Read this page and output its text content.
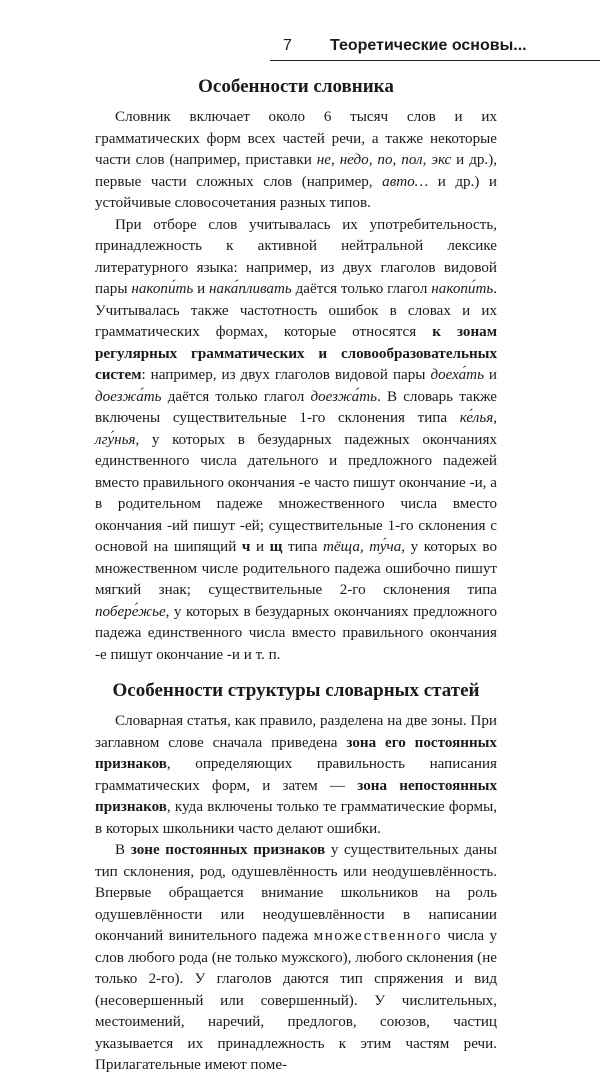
7 Теоретические основы...
Особенности словника

Словник включает около 6 тысяч слов и их грамматических форм всех частей речи, а также некоторые части слов (например, приставки не, недо, по, пол, экс и др.), первые части сложных слов (например, авто… и др.) и устойчивые словосочетания разных типов.

При отборе слов учитывалась их употребительность, принадлежность к активной нейтральной лексике литературного языка: например, из двух глаголов видовой пары накопи́ть и нака́пливать даётся только глагол накопи́ть. Учитывалась также частотность ошибок в словах и их грамматических формах, которые относятся к зонам регулярных грамматических и словообразовательных систем: например, из двух глаголов видовой пары доеха́ть и доезжа́ть даётся только глагол доезжа́ть. В словарь также включены существительные 1-го склонения типа ке́лья, лгу́нья, у которых в безударных падежных окончаниях единственного числа дательного и предложного падежей вместо правильного окончания -е часто пишут окончание -и, а в родительном падеже множественного числа вместо окончания -ий пишут -ей; существительные 1-го склонения с основой на шипящий ч и щ типа тёща, ту́ча, у которых во множественном числе родительного падежа ошибочно пишут мягкий знак; существительные 2-го склонения типа побере́жье, у которых в безударных окончаниях предложного падежа единственного числа вместо правильного окончания -е пишут окончание -и и т. п.

Особенности структуры словарных статей

Словарная статья, как правило, разделена на две зоны. При заглавном слове сначала приведена зона его постоянных признаков, определяющих правильность написания грамматических форм, и затем — зона непостоянных признаков, куда включены только те грамматические формы, в которых школьники часто делают ошибки.

В зоне постоянных признаков у существительных даны тип склонения, род, одушевлённость или неодушевлённость. Впервые обращается внимание школьников на роль одушевлённости или неодушевлённости в написании окончаний винительного падежа множественного числа у слов любого рода (не только мужского), любого склонения (не только 2-го). У глаголов даются тип спряжения и вид (несовершенный или совершенный). У числительных, местоимений, наречий, предлогов, союзов, частиц указывается их принадлежность к этим частям речи. Прилагательные имеют поме-
